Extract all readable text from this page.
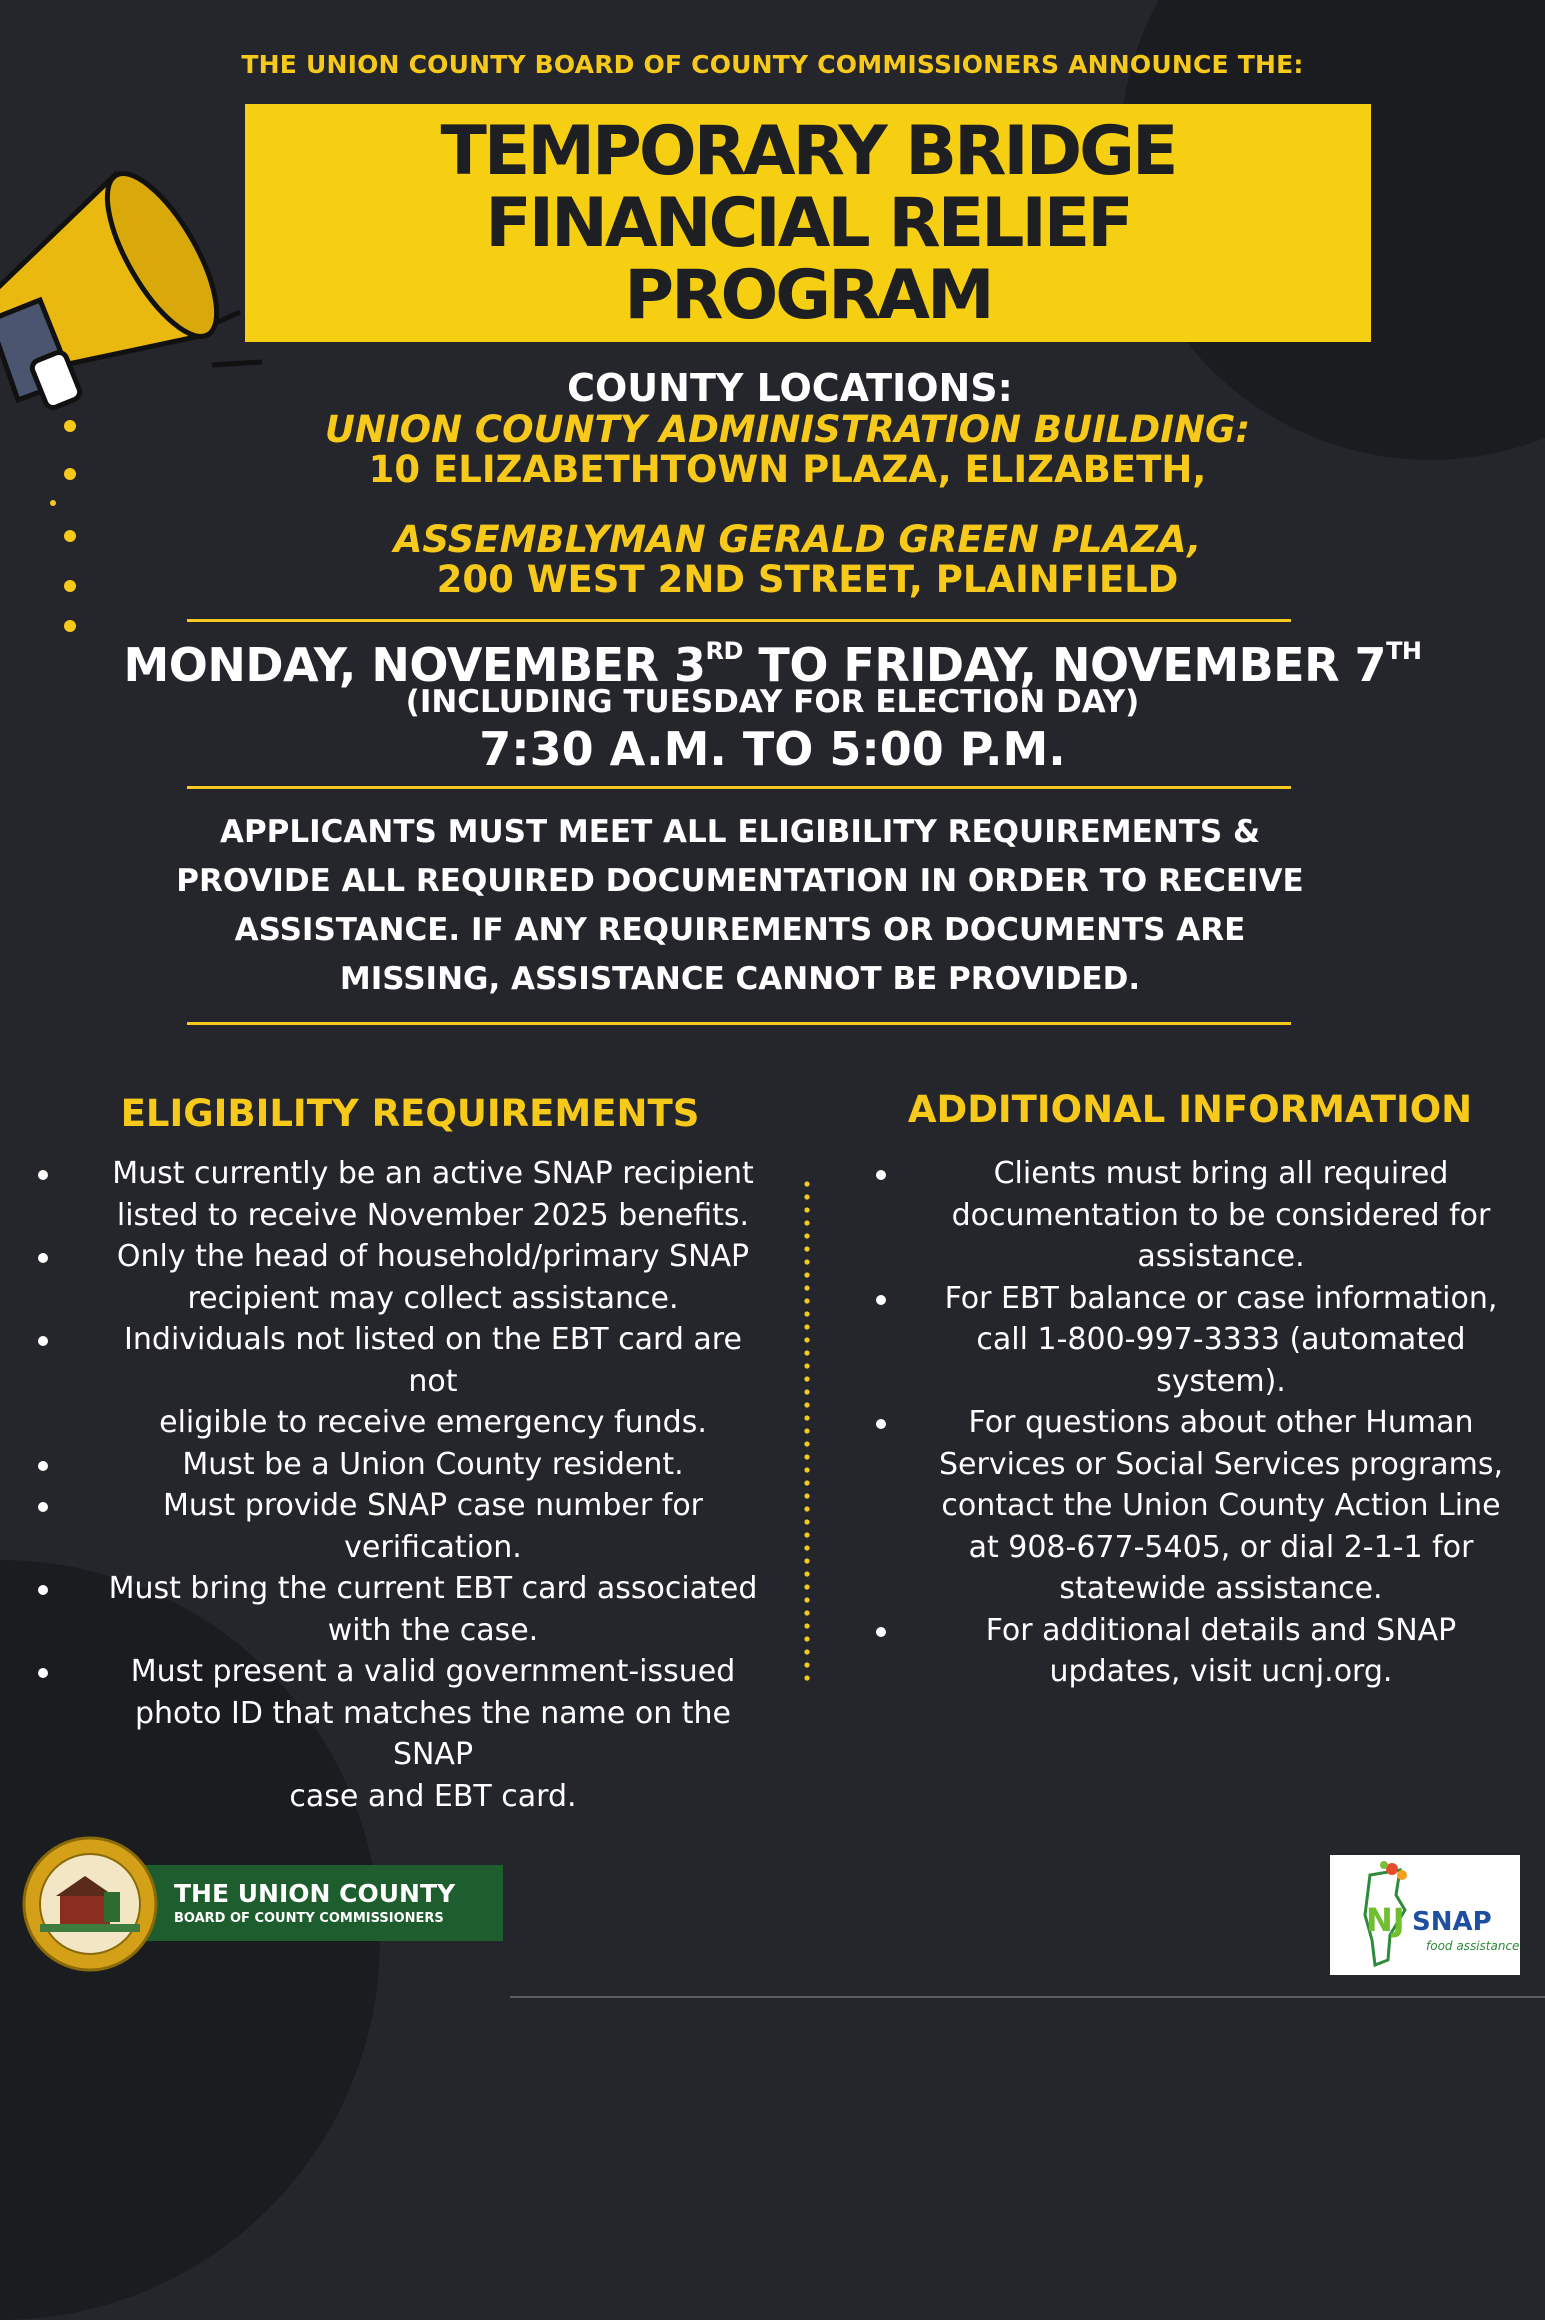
THE UNION COUNTY BOARD OF COUNTY COMMISSIONERS ANNOUNCE THE:
TEMPORARY BRIDGE
FINANCIAL RELIEF
PROGRAM
COUNTY LOCATIONS:
UNION COUNTY ADMINISTRATION BUILDING:
10 ELIZABETHTOWN PLAZA, ELIZABETH,
ASSEMBLYMAN GERALD GREEN PLAZA,
200 WEST 2ND STREET, PLAINFIELD
MONDAY, NOVEMBER 3RD TO FRIDAY, NOVEMBER 7TH
(INCLUDING TUESDAY FOR ELECTION DAY)
7:30 A.M. TO 5:00 P.M.
APPLICANTS MUST MEET ALL ELIGIBILITY REQUIREMENTS &
PROVIDE ALL REQUIRED DOCUMENTATION IN ORDER TO RECEIVE
ASSISTANCE. IF ANY REQUIREMENTS OR DOCUMENTS ARE
MISSING, ASSISTANCE CANNOT BE PROVIDED.
ELIGIBILITY REQUIREMENTS	ADDITIONAL INFORMATION
Must currently be an active SNAP recipient
listed to receive November 2025 benefits.
Only the head of household/primary SNAP
recipient may collect assistance.
Individuals not listed on the EBT card are not
eligible to receive emergency funds.
Must be a Union County resident.
Must provide SNAP case number for
verification.
Must bring the current EBT card associated
with the case.
Must present a valid government-issued
photo ID that matches the name on the SNAP
case and EBT card.
Clients must bring all required
documentation to be considered for
assistance.
For EBT balance or case information,
call 1-800-997-3333 (automated
system).
For questions about other Human
Services or Social Services programs,
contact the Union County Action Line
at 908-677-5405, or dial 2-1-1 for
statewide assistance.
For additional details and SNAP
updates, visit ucnj.org.
THE UNION COUNTY
BOARD OF COUNTY COMMISSIONERS	NJ SNAP
food assistance
